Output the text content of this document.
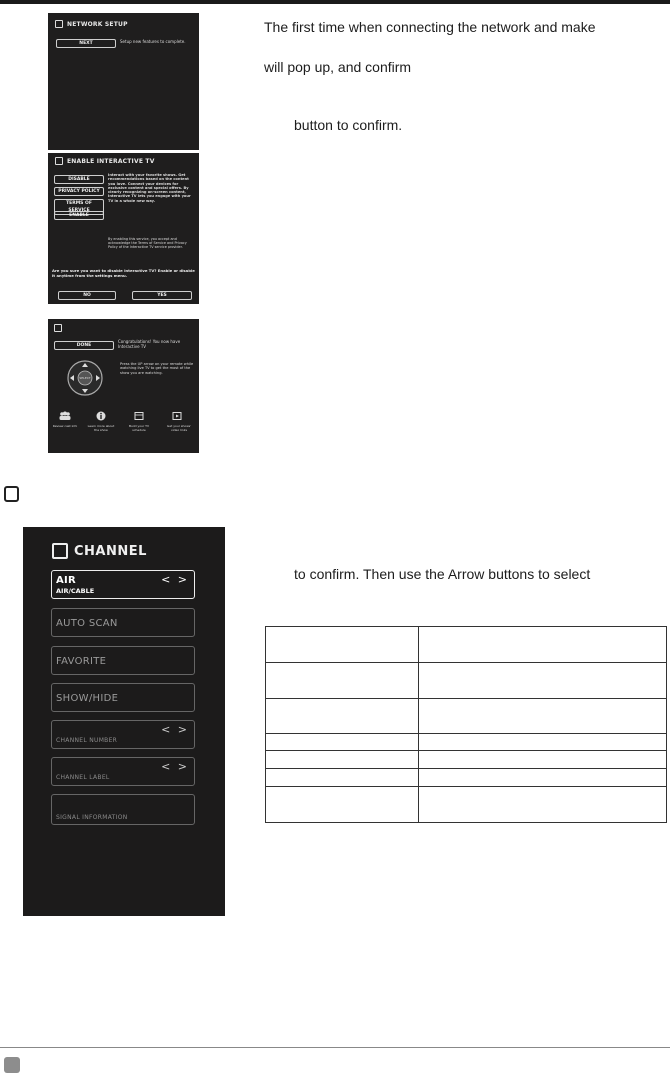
NETWORK SETUP
NEXT	Setup new features to complete.
The first time when connecting the network and make
will pop up, and confirm
button to confirm.
ENABLE INTERACTIVE TV
DISABLE
PRIVACY POLICY
TERMS OF SERVICE
ENABLE
Interact with your favorite shows. Get recommendations based on the content you love. Connect your devices for exclusive content and special offers. By clearly recognizing on-screen content, Interactive TV lets you engage with your TV in a whole new way.
By enabling this service, you accept and acknowledge the Terms of Service and Privacy Policy of the Interactive TV service provider.
Are you sure you want to disable Interactive TV? Enable or disable it anytime from the settings menu.
NO	YES
DONE
Congratulations! You now have Interactive TV
Press the UP arrow on your remote while watching live TV to get the most of the show you are watching.
SELECT
Review cast info	Learn more about the show
Build your TV schedule
Get your shows' video links
CHANNEL
AIR
AIR/CABLE
< >
AUTO SCAN
FAVORITE
SHOW/HIDE
CHANNEL NUMBER
< >
CHANNEL LABEL
< >
SIGNAL INFORMATION
to confirm. Then use the Arrow buttons to select
